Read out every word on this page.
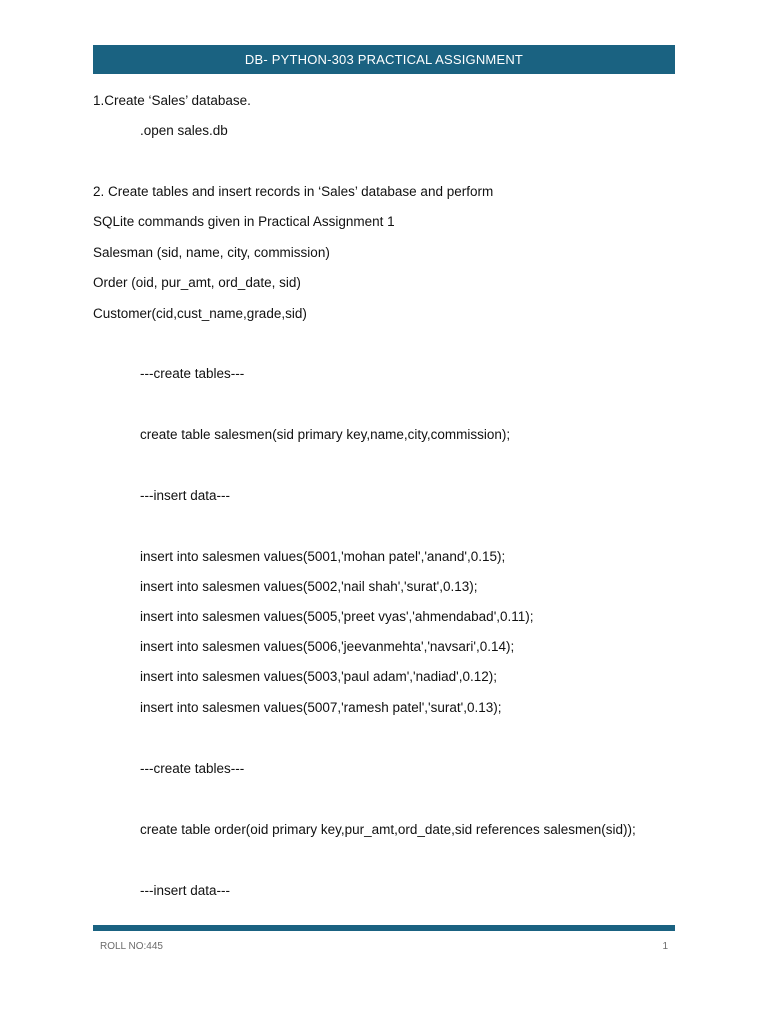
DB- PYTHON-303 PRACTICAL ASSIGNMENT
1.Create ‘Sales’ database.
.open sales.db
2. Create tables and insert records in ‘Sales’ database and perform
SQLite commands given in Practical Assignment 1
Salesman (sid, name, city, commission)
Order (oid, pur_amt, ord_date, sid)
Customer(cid,cust_name,grade,sid)
---create tables---
create table salesmen(sid primary key,name,city,commission);
---insert data---
insert into salesmen values(5001,'mohan patel','anand',0.15);
insert into salesmen values(5002,'nail shah','surat',0.13);
insert into salesmen values(5005,'preet vyas','ahmendabad',0.11);
insert into salesmen values(5006,'jeevanmehta','navsari',0.14);
insert into salesmen values(5003,'paul adam','nadiad',0.12);
insert into salesmen values(5007,'ramesh patel','surat',0.13);
---create tables---
create table order(oid primary key,pur_amt,ord_date,sid references salesmen(sid));
---insert data---
ROLL NO:445	1
